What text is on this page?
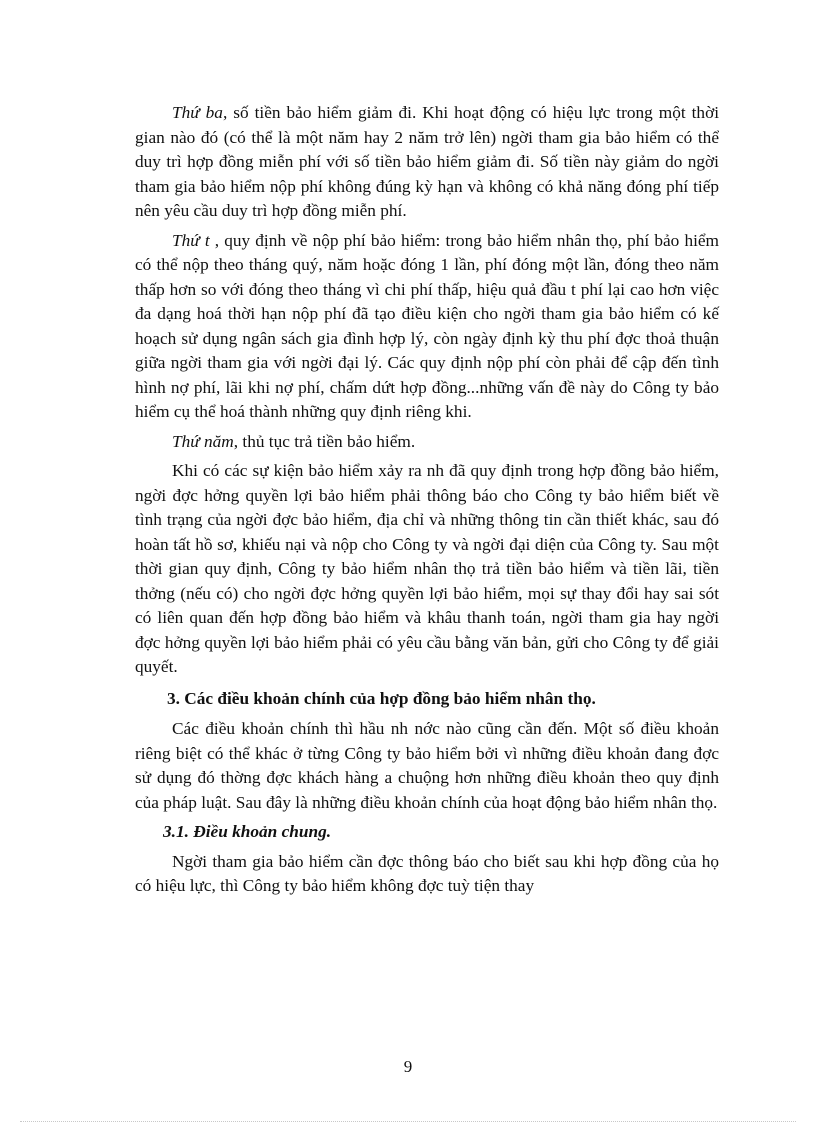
Thứ ba, số tiền bảo hiểm giảm đi. Khi hoạt động có hiệu lực trong một thời gian nào đó (có thể là một năm hay 2 năm trở lên) ngời tham gia bảo hiểm có thể duy trì hợp đồng miễn phí với số tiền bảo hiểm giảm đi. Số tiền này giảm do ngời tham gia bảo hiểm nộp phí không đúng kỳ hạn và không có khả năng đóng phí tiếp nên yêu cầu duy trì hợp đồng miễn phí.

Thứ t , quy định về nộp phí bảo hiểm: trong bảo hiểm nhân thọ, phí bảo hiểm có thể nộp theo tháng quý, năm hoặc đóng 1 lần, phí đóng một lần, đóng theo năm thấp hơn so với đóng theo tháng vì chi phí thấp, hiệu quả đầu t phí lại cao hơn việc đa dạng hoá thời hạn nộp phí đã tạo điều kiện cho ngời tham gia bảo hiểm có kế hoạch sử dụng ngân sách gia đình hợp lý, còn ngày định kỳ thu phí đợc thoả thuận giữa ngời tham gia với ngời đại lý. Các quy định nộp phí còn phải để cập đến tình hình nợ phí, lãi khi nợ phí, chấm dứt hợp đồng...những vấn đề này do Công ty bảo hiểm cụ thể hoá thành những quy định riêng khi.

Thứ năm, thủ tục trả tiền bảo hiểm.

Khi có các sự kiện bảo hiểm xảy ra nh đã quy định trong hợp đồng bảo hiểm, ngời đợc hởng quyền lợi bảo hiểm phải thông báo cho Công ty bảo hiểm biết về tình trạng của ngời đợc bảo hiểm, địa chỉ và những thông tin cần thiết khác, sau đó hoàn tất hồ sơ, khiếu nại và nộp cho Công ty và ngời đại diện của Công ty. Sau một thời gian quy định, Công ty bảo hiểm nhân thọ trả tiền bảo hiểm và tiền lãi, tiền thởng (nếu có) cho ngời đợc hởng quyền lợi bảo hiểm, mọi sự thay đổi hay sai sót có liên quan đến hợp đồng bảo hiểm và khâu thanh toán, ngời tham gia hay ngời đợc hởng quyền lợi bảo hiểm phải có yêu cầu bằng văn bản, gửi cho Công ty để giải quyết.

3. Các điều khoản chính của hợp đồng bảo hiểm nhân thọ.

Các điều khoản chính thì hầu nh nớc nào cũng cần đến. Một số điều khoản riêng biệt có thể khác ở từng Công ty bảo hiểm bởi vì những điều khoản đang đợc sử dụng đó thờng đợc khách hàng a chuộng hơn những điều khoản theo quy định của pháp luật. Sau đây là những điều khoản chính của hoạt động bảo hiểm nhân thọ.

3.1. Điều khoản chung.

Ngời tham gia bảo hiểm cần đợc thông báo cho biết sau khi hợp đồng của họ có hiệu lực, thì Công ty bảo hiểm không đợc tuỳ tiện thay

9
